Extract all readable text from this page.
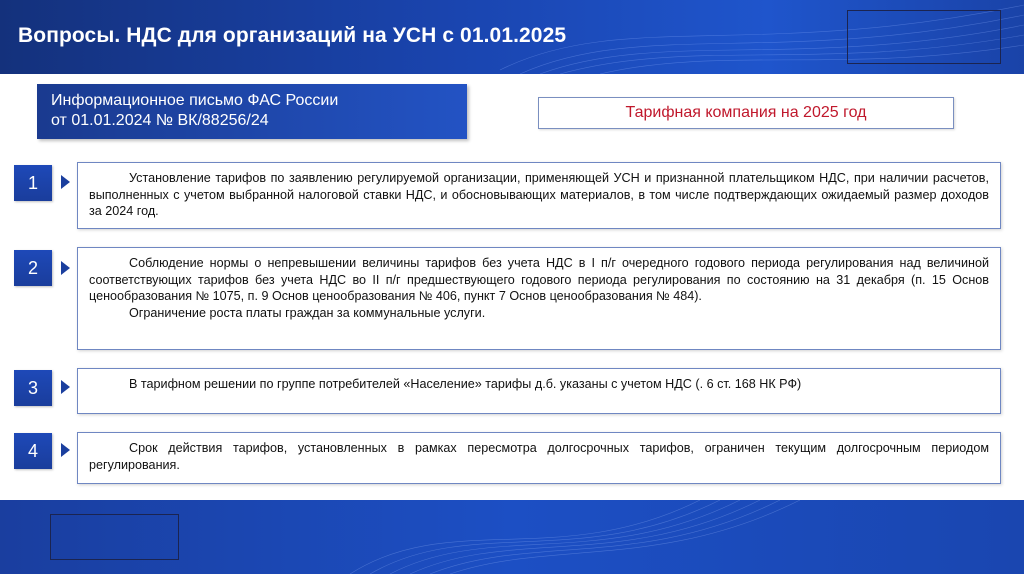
Вопросы. НДС для организаций на УСН с 01.01.2025
Информационное письмо ФАС России
от 01.01.2024 № ВК/88256/24	Тарифная компания на 2025 год
1	Установление тарифов по заявлению регулируемой организации, применяющей УСН и признанной плательщиком НДС, при наличии расчетов, выполненных с учетом выбранной налоговой ставки НДС, и обосновывающих материалов, в том числе подтверждающих ожидаемый размер доходов за 2024 год.

2	Соблюдение нормы о непревышении величины тарифов без учета НДС в I п/г очередного годового периода регулирования над величиной соответствующих тарифов без учета НДС во II п/г предшествующего годового периода регулирования по состоянию на 31 декабря (п. 15 Основ ценообразования № 1075, п. 9 Основ ценообразования № 406, пункт 7 Основ ценообразования № 484).

Ограничение роста платы граждан за коммунальные услуги.

3	В тарифном решении по группе потребителей «Население» тарифы д.б. указаны с учетом НДС (. 6 ст. 168 НК РФ)

4	Срок действия тарифов, установленных в рамках пересмотра долгосрочных тарифов, ограничен текущим долгосрочным периодом регулирования.
